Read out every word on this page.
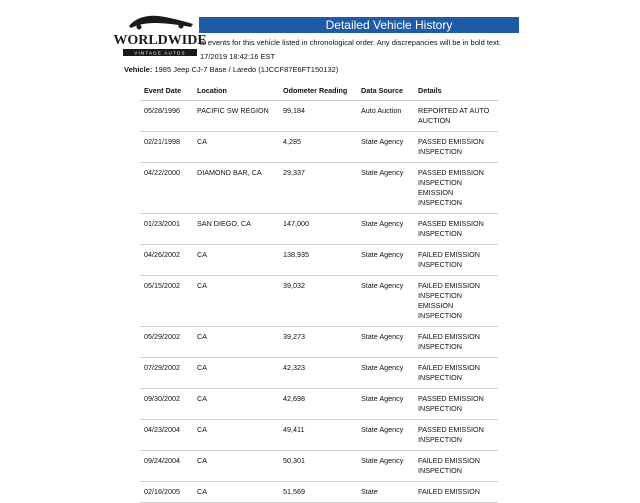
Detailed Vehicle History
WORLDWIDE
VINTAGE AUTOS
al events for this vehicle listed in chronological order. Any discrepancies will be in bold text.
17/2019 18:42:16 EST
Vehicle: 1985 Jeep CJ-7 Base / Laredo (1JCCF87E6FT150132)
Event Date	Location	Odometer Reading	Data Source	Details
05/28/1996	PACIFIC SW REGION	99,184	Auto Auction	REPORTED AT AUTO AUCTION

02/21/1998	CA	4,285	State Agency	PASSED EMISSION INSPECTION

04/22/2000	DIAMOND BAR, CA	29,337	State Agency	PASSED EMISSION INSPECTION
EMISSION INSPECTION

01/23/2001	SAN DIEGO, CA	147,000	State Agency	PASSED EMISSION INSPECTION

04/26/2002	CA	138,935	State Agency	FAILED EMISSION INSPECTION

05/15/2002	CA	39,032	State Agency	FAILED EMISSION INSPECTION
EMISSION INSPECTION

05/29/2002	CA	39,273	State Agency	FAILED EMISSION INSPECTION

07/29/2002	CA	42,323	State Agency	FAILED EMISSION INSPECTION

09/30/2002	CA	42,698	State Agency	PASSED EMISSION INSPECTION

04/23/2004	CA	49,411	State Agency	PASSED EMISSION INSPECTION

09/24/2004	CA	50,301	State Agency	FAILED EMISSION INSPECTION

02/16/2005	CA	51,569	State	FAILED EMISSION
